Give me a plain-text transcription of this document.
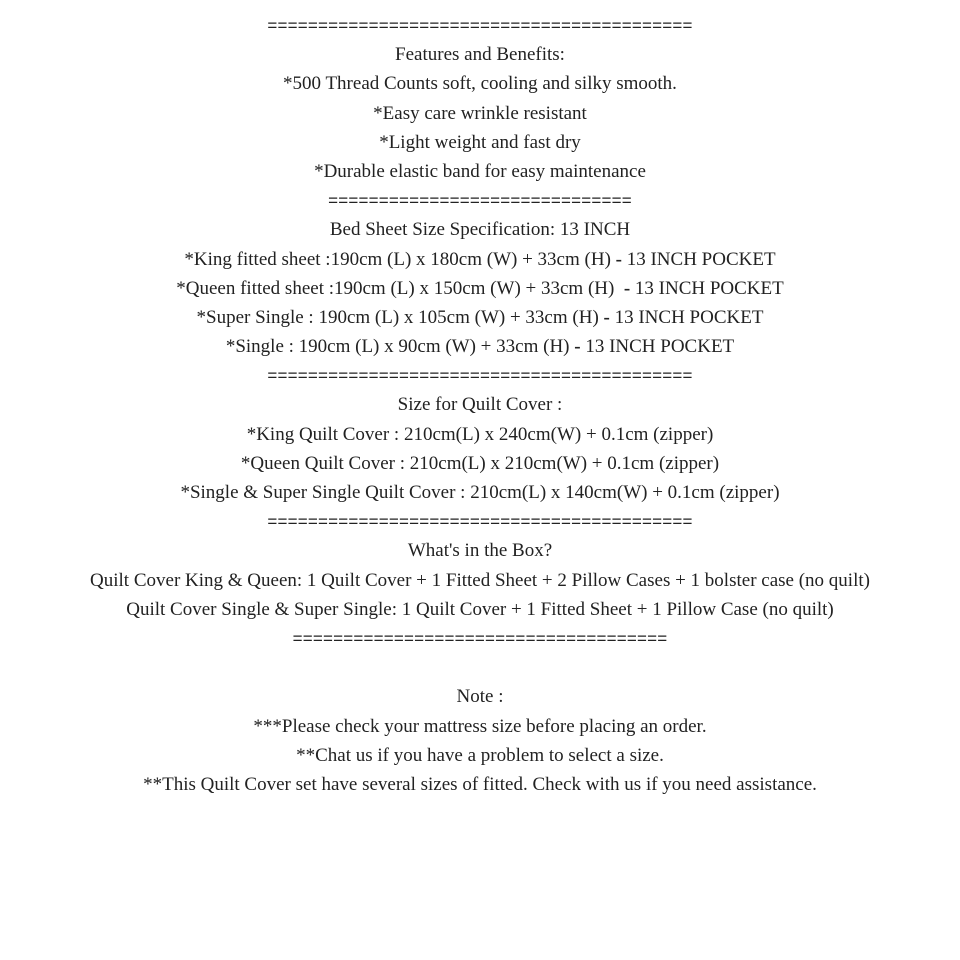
==========================================
Features and Benefits:
*500 Thread Counts soft, cooling and silky smooth.
*Easy care wrinkle resistant
*Light weight and fast dry
*Durable elastic band for easy maintenance
==============================
Bed Sheet Size Specification: 13 INCH
*King fitted sheet :190cm (L) x 180cm (W) + 33cm (H) - 13 INCH POCKET
*Queen fitted sheet :190cm (L) x 150cm (W) + 33cm (H)  - 13 INCH POCKET
*Super Single : 190cm (L) x 105cm (W) + 33cm (H) - 13 INCH POCKET
*Single : 190cm (L) x 90cm (W) + 33cm (H) - 13 INCH POCKET
==========================================
Size for Quilt Cover :
*King Quilt Cover : 210cm(L) x 240cm(W) + 0.1cm (zipper)
*Queen Quilt Cover : 210cm(L) x 210cm(W) + 0.1cm (zipper)
*Single & Super Single Quilt Cover : 210cm(L) x 140cm(W) + 0.1cm (zipper)
==========================================
What's in the Box?
Quilt Cover King & Queen: 1 Quilt Cover + 1 Fitted Sheet + 2 Pillow Cases + 1 bolster case (no quilt)
Quilt Cover Single & Super Single: 1 Quilt Cover + 1 Fitted Sheet + 1 Pillow Case (no quilt)
=====================================
Note :
***Please check your mattress size before placing an order.
**Chat us if you have a problem to select a size.
**This Quilt Cover set have several sizes of fitted. Check with us if you need assistance.
